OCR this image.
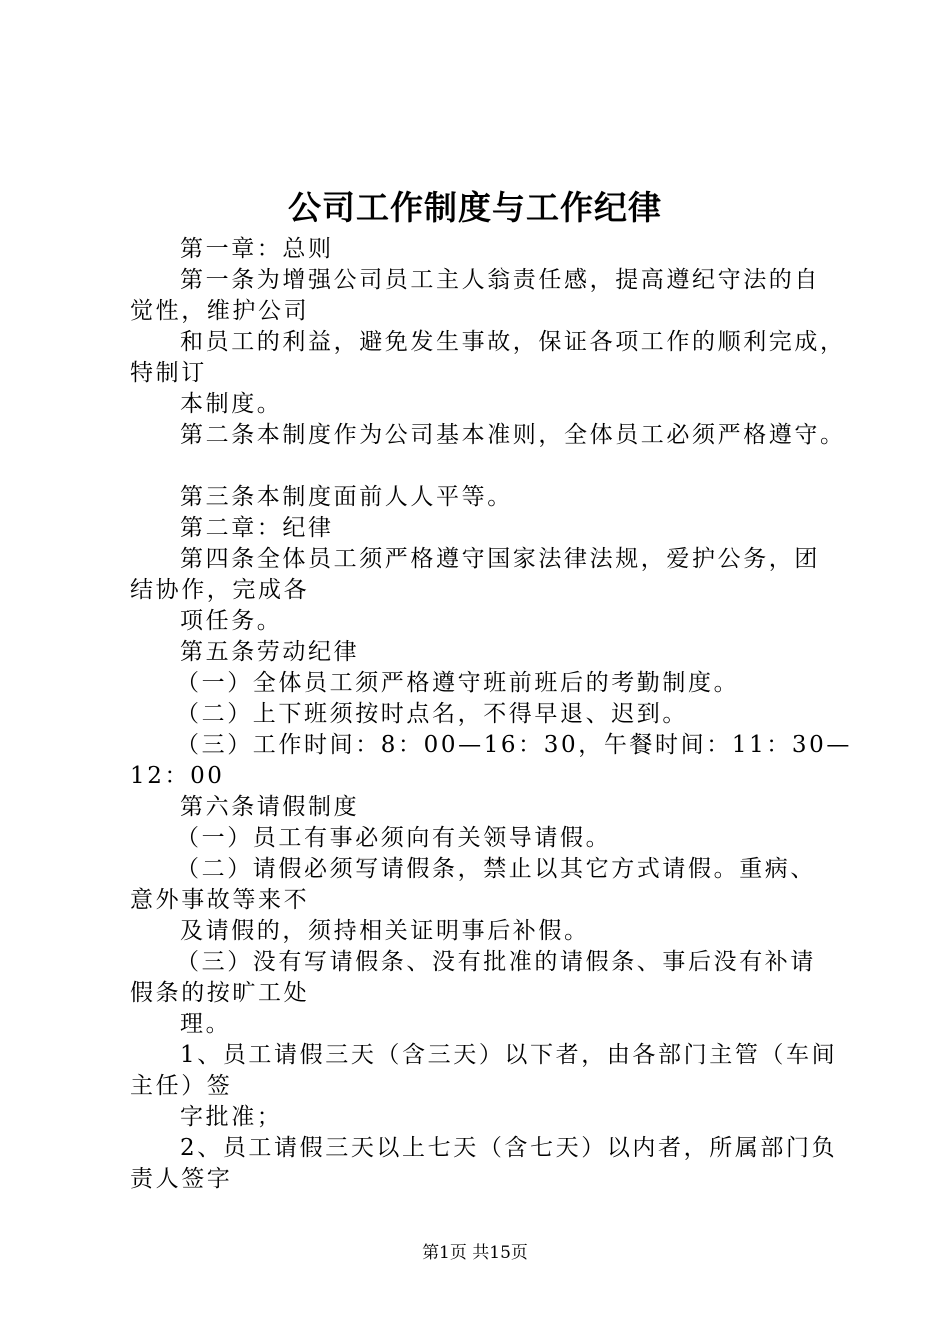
公司工作制度与工作纪律
第一章：总则
第一条为增强公司员工主人翁责任感，提高遵纪守法的自
觉性，维护公司
和员工的利益，避免发生事故，保证各项工作的顺利完成，
特制订
本制度。
第二条本制度作为公司基本准则，全体员工必须严格遵守。
第三条本制度面前人人平等。
第二章：纪律
第四条全体员工须严格遵守国家法律法规，爱护公务，团
结协作，完成各
项任务。
第五条劳动纪律
（一）全体员工须严格遵守班前班后的考勤制度。
（二）上下班须按时点名，不得早退、迟到。
（三）工作时间：8：00—16：30，午餐时间：11：30—
12：00
第六条请假制度
（一）员工有事必须向有关领导请假。
（二）请假必须写请假条，禁止以其它方式请假。重病、
意外事故等来不
及请假的，须持相关证明事后补假。
（三）没有写请假条、没有批准的请假条、事后没有补请
假条的按旷工处
理。
1、员工请假三天（含三天）以下者，由各部门主管（车间
主任）签
字批准；
2、员工请假三天以上七天（含七天）以内者，所属部门负
责人签字
第1页 共15页
